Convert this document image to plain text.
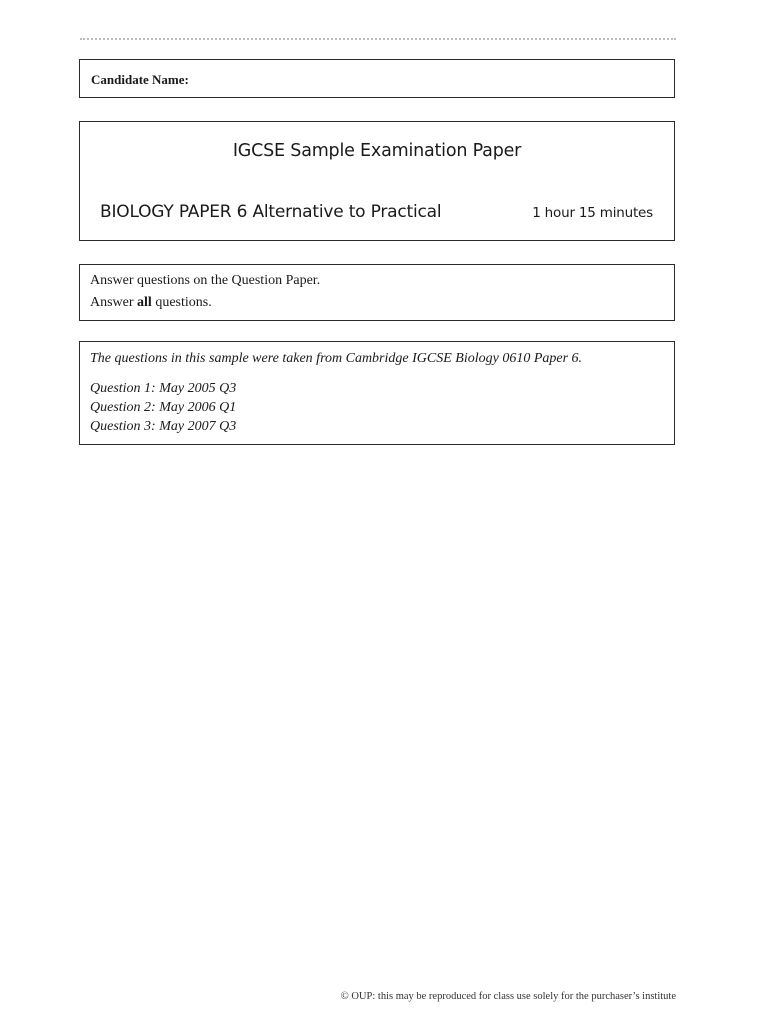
Candidate Name:
IGCSE Sample Examination Paper
BIOLOGY PAPER 6 Alternative to Practical	1 hour 15 minutes
Answer questions on the Question Paper.
Answer all questions.
The questions in this sample were taken from Cambridge IGCSE Biology 0610 Paper 6.
Question 1: May 2005 Q3
Question 2: May 2006 Q1
Question 3: May 2007 Q3
© OUP: this may be reproduced for class use solely for the purchaser’s institute
